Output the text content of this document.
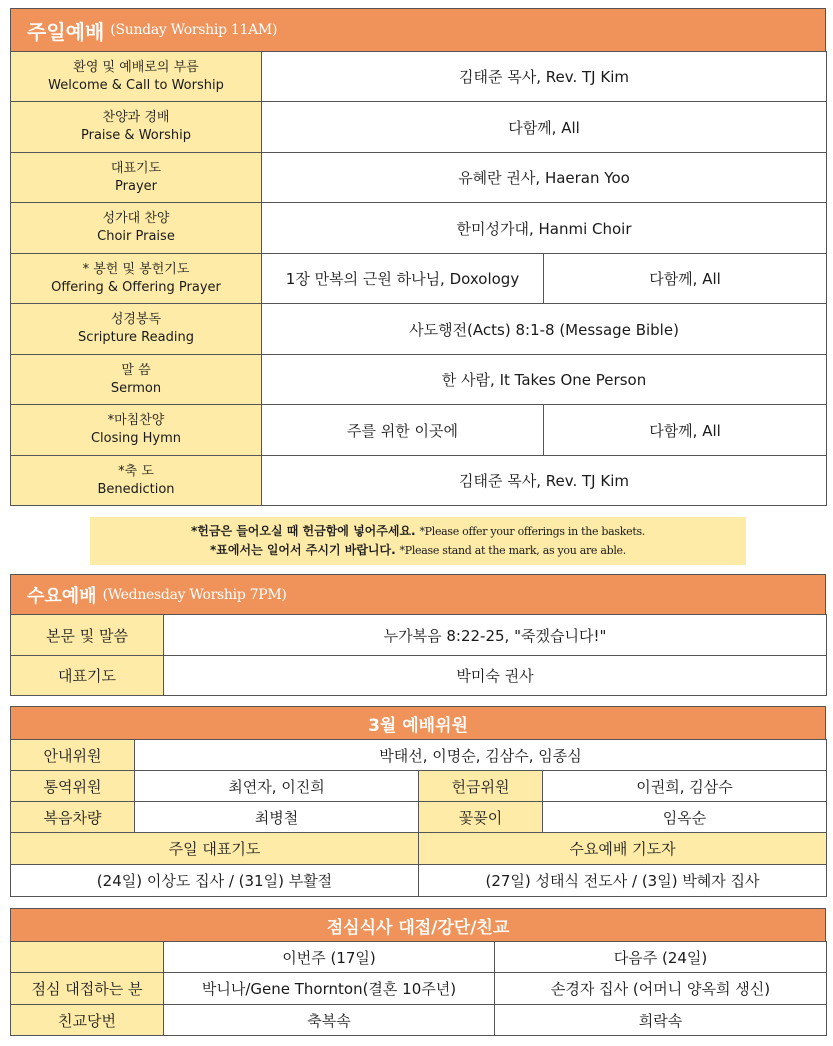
주일예배 (Sunday Worship 11AM)
환영 및 예배로의 부름
Welcome & Call to Worship	김태준 목사, Rev. TJ Kim	

찬양과 경배
Praise & Worship	다함께, All	

대표기도
Prayer	유혜란 권사, Haeran Yoo	

성가대 찬양
Choir Praise	한미성가대, Hanmi Choir	

* 봉헌 및 봉헌기도
Offering & Offering Prayer	1장 만복의 근원 하나님, Doxology	다함께, All

성경봉독
Scripture Reading	사도행전(Acts) 8:1-8 (Message Bible)	

말 씀
Sermon	한 사람, It Takes One Person	

*마침찬양
Closing Hymn	주를 위한 이곳에	다함께, All

*축 도
Benediction	김태준 목사, Rev. TJ Kim	
*헌금은 들어오실 때 헌금함에 넣어주세요. *Please offer your offerings in the baskets.
*표에서는 일어서 주시기 바랍니다. *Please stand at the mark, as you are able.
수요예배 (Wednesday Worship 7PM)
본문 및 말씀	누가복음 8:22-25, "죽겠습니다!"
대표기도	박미숙 권사
3월 예배위원
안내위원	박태선, 이명순, 김삼수, 임종심		
통역위원	최연자, 이진희	헌금위원	이권희, 김삼수
복음차량	최병철	꽃꽂이	임옥순
주일 대표기도		수요예배 기도자	
(24일) 이상도 집사 / (31일) 부활절		(27일) 성태식 전도사 / (3일) 박혜자 집사	
점심식사 대접/강단/친교
	이번주 (17일)	다음주 (24일)
점심 대접하는 분	박니나/Gene Thornton(결혼 10주년)	손경자 집사 (어머니 양옥희 생신)
친교당번	축복속	희락속
